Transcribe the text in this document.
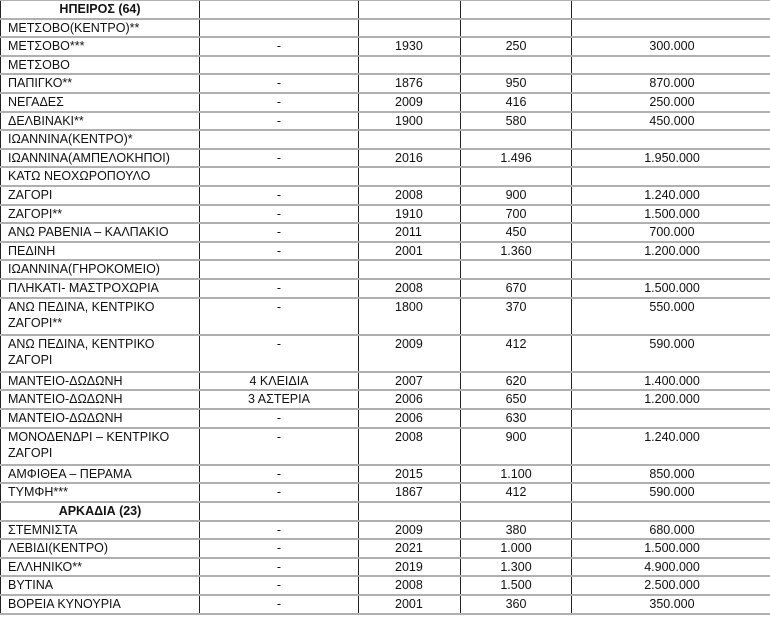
ΗΠΕΙΡΟΣ (64)				
ΜΕΤΣΟΒΟ(ΚΕΝΤΡΟ)**				
ΜΕΤΣΟΒΟ***	-	1930	250	300.000
ΜΕΤΣΟΒΟ				
ΠΑΠΙΓΚΟ**	-	1876	950	870.000
ΝΕΓΑΔΕΣ	-	2009	416	250.000
ΔΕΛΒΙΝΑΚΙ**	-	1900	580	450.000
ΙΩΑΝΝΙΝΑ(ΚΕΝΤΡΟ)*				
ΙΩΑΝΝΙΝΑ(ΑΜΠΕΛΟΚΗΠΟΙ)	-	2016	1.496	1.950.000
ΚΑΤΩ ΝΕΟΧΩΡΟΠΟΥΛΟ				
ΖΑΓΟΡΙ	-	2008	900	1.240.000
ΖΑΓΟΡΙ**	-	1910	700	1.500.000
ΑΝΩ ΡΑΒΕΝΙΑ – ΚΑΛΠΑΚΙΟ	-	2011	450	700.000
ΠΕΔΙΝΗ	-	2001	1.360	1.200.000
ΙΩΑΝΝΙΝΑ(ΓΗΡΟΚΟΜΕΙΟ)				
ΠΛΗΚΑΤΙ- ΜΑΣΤΡΟΧΩΡΙΑ	-	2008	670	1.500.000
ΑΝΩ ΠΕΔΙΝΑ, ΚΕΝΤΡΙΚΟ ΖΑΓΟΡΙ**	-	1800	370	550.000
ΑΝΩ ΠΕΔΙΝΑ, ΚΕΝΤΡΙΚΟ ΖΑΓΟΡΙ	-	2009	412	590.000
ΜΑΝΤΕΙΟ-ΔΩΔΩΝΗ	4 ΚΛΕΙΔΙΑ	2007	620	1.400.000
ΜΑΝΤΕΙΟ-ΔΩΔΩΝΗ	3 ΑΣΤΕΡΙΑ	2006	650	1.200.000
ΜΑΝΤΕΙΟ-ΔΩΔΩΝΗ	-	2006	630	
ΜΟΝΟΔΕΝΔΡΙ – ΚΕΝΤΡΙΚΟ ΖΑΓΟΡΙ	-	2008	900	1.240.000
ΑΜΦΙΘΕΑ – ΠΕΡΑΜΑ	-	2015	1.100	850.000
ΤΥΜΦΗ***	-	1867	412	590.000
ΑΡΚΑΔΙΑ (23)				
ΣΤΕΜΝΙΣΤΑ	-	2009	380	680.000
ΛΕΒΙΔΙ(ΚΕΝΤΡΟ)	-	2021	1.000	1.500.000
ΕΛΛΗΝΙΚΟ**	-	2019	1.300	4.900.000
ΒΥΤΙΝΑ	-	2008	1.500	2.500.000
ΒΟΡΕΙΑ ΚΥΝΟΥΡΙΑ	-	2001	360	350.000
